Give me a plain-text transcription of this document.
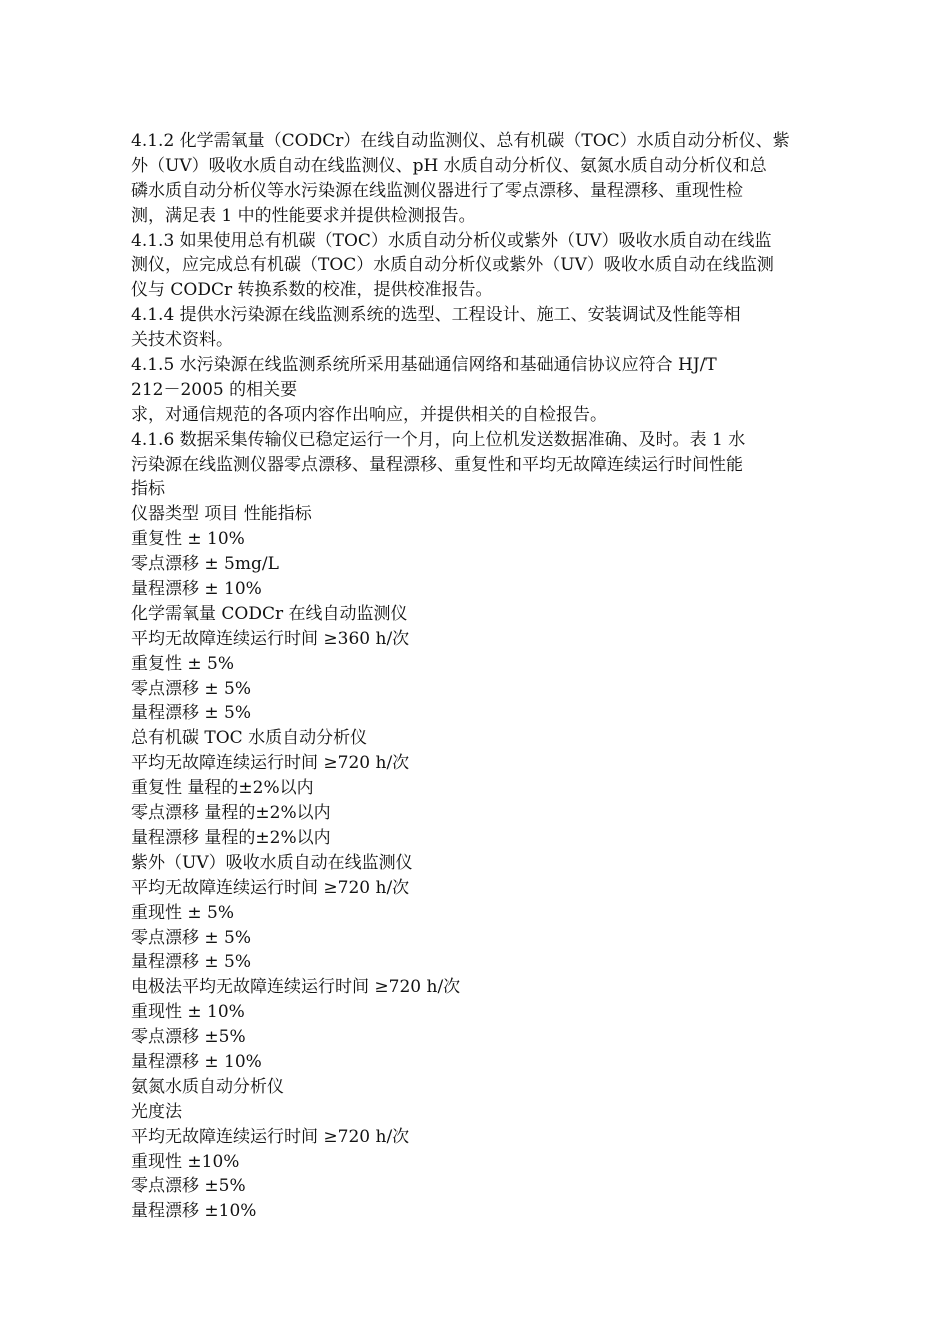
4.1.2 化学需氧量（CODCr）在线自动监测仪、总有机碳（TOC）水质自动分析仪、紫
外（UV）吸收水质自动在线监测仪、pH 水质自动分析仪、氨氮水质自动分析仪和总
磷水质自动分析仪等水污染源在线监测仪器进行了零点漂移、量程漂移、重现性检
测，满足表 1 中的性能要求并提供检测报告。
4.1.3 如果使用总有机碳（TOC）水质自动分析仪或紫外（UV）吸收水质自动在线监
测仪，应完成总有机碳（TOC）水质自动分析仪或紫外（UV）吸收水质自动在线监测
仪与 CODCr 转换系数的校准，提供校准报告。
4.1.4 提供水污染源在线监测系统的选型、工程设计、施工、安装调试及性能等相
关技术资料。
4.1.5 水污染源在线监测系统所采用基础通信网络和基础通信协议应符合 HJ/T
212－2005 的相关要
求，对通信规范的各项内容作出响应，并提供相关的自检报告。
4.1.6 数据采集传输仪已稳定运行一个月，向上位机发送数据准确、及时。表 1 水
污染源在线监测仪器零点漂移、量程漂移、重复性和平均无故障连续运行时间性能
指标
仪器类型 项目 性能指标
重复性 ± 10%
零点漂移 ± 5mg/L
量程漂移 ± 10%
化学需氧量 CODCr 在线自动监测仪
平均无故障连续运行时间 ≥360 h/次
重复性 ± 5%
零点漂移 ± 5%
量程漂移 ± 5%
总有机碳 TOC 水质自动分析仪
平均无故障连续运行时间 ≥720 h/次
重复性 量程的±2%以内
零点漂移 量程的±2%以内
量程漂移 量程的±2%以内
紫外（UV）吸收水质自动在线监测仪
平均无故障连续运行时间 ≥720 h/次
重现性 ± 5%
零点漂移 ± 5%
量程漂移 ± 5%
电极法平均无故障连续运行时间 ≥720 h/次
重现性 ± 10%
零点漂移 ±5%
量程漂移 ± 10%
氨氮水质自动分析仪
光度法
平均无故障连续运行时间 ≥720 h/次
重现性 ±10%
零点漂移 ±5%
量程漂移 ±10%
